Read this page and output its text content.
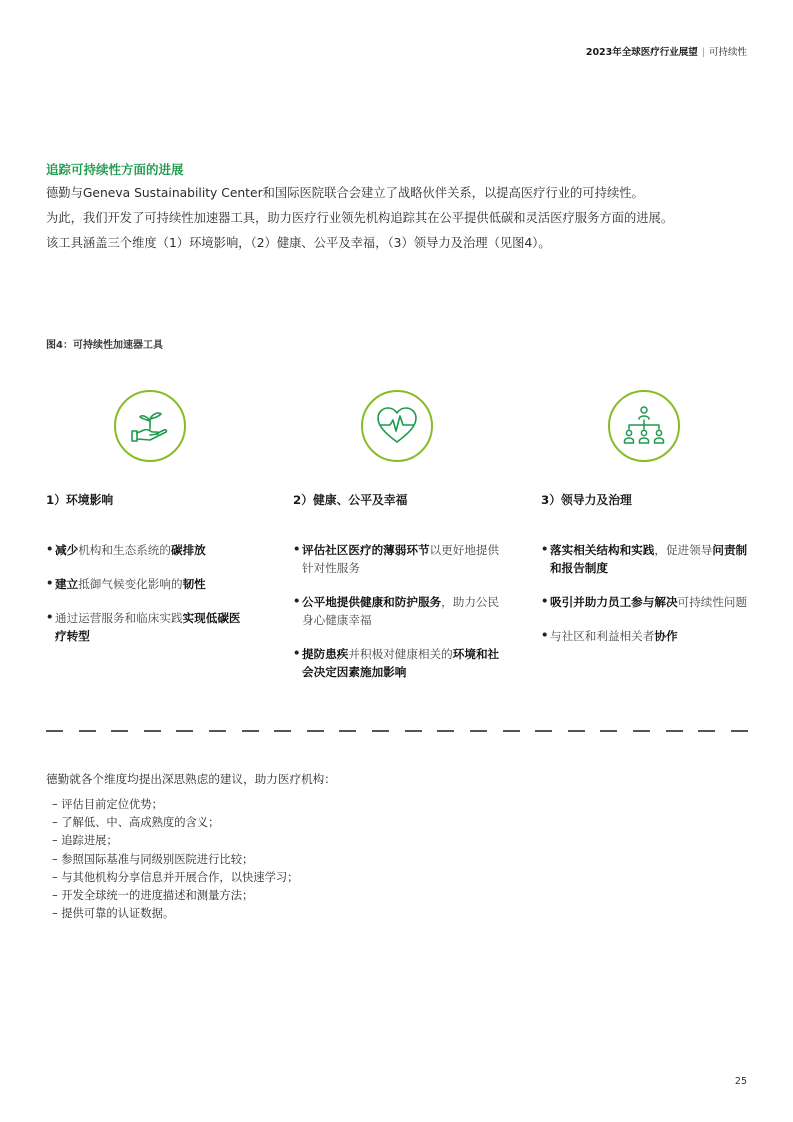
2023年全球医疗行业展望 | 可持续性
追踪可持续性方面的进展

德勤与Geneva Sustainability Center和国际医院联合会建立了战略伙伴关系，以提高医疗行业的可持续性。

为此，我们开发了可持续性加速器工具，助力医疗行业领先机构追踪其在公平提供低碳和灵活医疗服务方面的进展。

该工具涵盖三个维度（1）环境影响，（2）健康、公平及幸福，（3）领导力及治理（见图4）。

图4：可持续性加速器工具
1）环境影响	2）健康、公平及幸福	3）领导力及治理
• 减少机构和生态系统的碳排放
• 建立抵御气候变化影响的韧性
• 通过运营服务和临床实践实现低碳医疗转型
• 评估社区医疗的薄弱环节以更好地提供针对性服务
• 公平地提供健康和防护服务，助力公民身心健康幸福
• 提防患疾并积极对健康相关的环境和社会决定因素施加影响
• 落实相关结构和实践，促进领导问责制和报告制度
• 吸引并助力员工参与解决可持续性问题
• 与社区和利益相关者协作
德勤就各个维度均提出深思熟虑的建议，助力医疗机构：
– 评估目前定位优势；
– 了解低、中、高成熟度的含义；
– 追踪进展；
– 参照国际基准与同级别医院进行比较；
– 与其他机构分享信息并开展合作，以快速学习；
– 开发全球统一的进度描述和测量方法；
– 提供可靠的认证数据。
25
